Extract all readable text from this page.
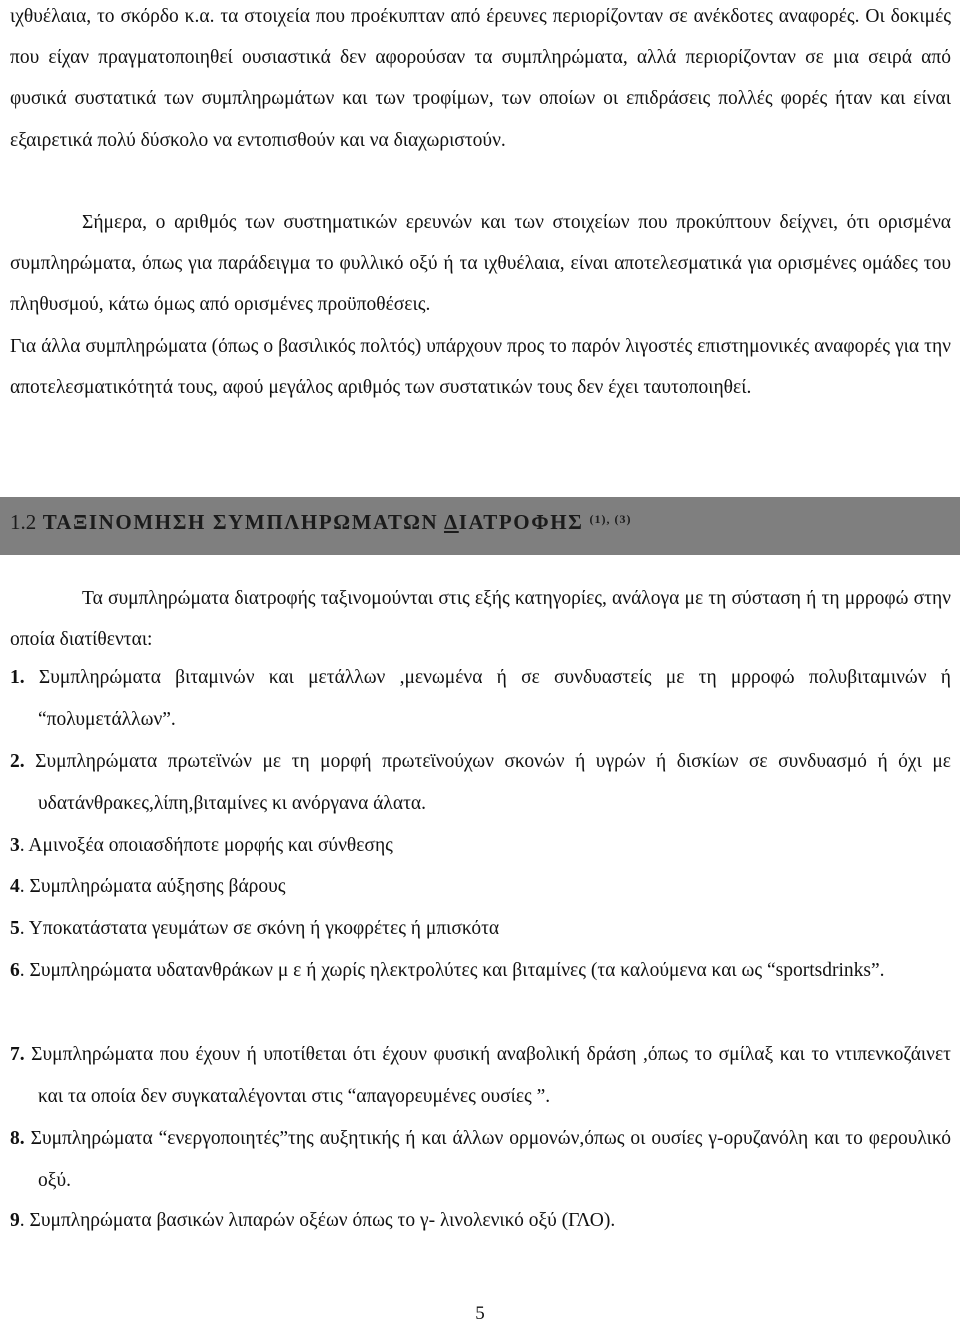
ιχθυέλαια, το σκόρδο κ.α. τα στοιχεία που προέκυπταν από έρευνες περιορίζονταν σε ανέκδοτες αναφορές. Οι δοκιμές που είχαν πραγματοποιηθεί ουσιαστικά δεν αφορούσαν τα συμπληρώματα, αλλά περιορίζονταν σε μια σειρά από φυσικά συστατικά των συμπληρωμάτων και των τροφίμων, των οποίων οι επιδράσεις πολλές φορές ήταν και είναι εξαιρετικά πολύ δύσκολο να εντοπισθούν και να διαχωριστούν.

Σήμερα, ο αριθμός των συστηματικών ερευνών και των στοιχείων που προκύπτουν δείχνει, ότι ορισμένα συμπληρώματα, όπως για παράδειγμα το φυλλικό οξύ ή τα ιχθυέλαια, είναι αποτελεσματικά για ορισμένες ομάδες του πληθυσμού, κάτω όμως από ορισμένες προϋποθέσεις.

Για άλλα συμπληρώματα (όπως ο βασιλικός πολτός) υπάρχουν προς το παρόν λιγοστές επιστημονικές αναφορές για την αποτελεσματικότητά τους, αφού μεγάλος αριθμός των συστατικών τους δεν έχει ταυτοποιηθεί.

1.2 ΤΑΞΙΝΟΜΗΣΗ ΣΥΜΠΛΗΡΩΜΑΤΩΝ ΔΙΑΤΡΟΦΗΣ $^{(1), (3)}$

Τα συμπληρώματα διατροφής ταξινομούνται στις εξής κατηγορίες, ανάλογα με τη σύσταση ή τη μρροφώ στην οποία διατίθενται:

1. Συμπληρώματα βιταμινών και μετάλλων ,μενωμένα ή σε συνδυαστείς με τη μρροφώ πολυβιταμινών ή “πολυμετάλλων”.

2. Συμπληρώματα πρωτεϊνών με τη μορφή πρωτεϊνούχων σκονών ή υγρών ή δισκίων σε συνδυασμό ή όχι με υδατάνθρακες,λίπη,βιταμίνες κι ανόργανα άλατα.

3. Αμινοξέα οποιασδήποτε μορφής και σύνθεσης

4. Συμπληρώματα αύξησης βάρους

5. Υποκατάστατα γευμάτων σε σκόνη ή γκοφρέτες ή μπισκότα

6. Συμπληρώματα υδατανθράκων μ ε ή χωρίς ηλεκτρολύτες και βιταμίνες (τα καλούμενα και ως “sportsdrinks”.

7. Συμπληρώματα που έχουν ή υποτίθεται ότι έχουν φυσική αναβολική δράση ,όπως το σμίλαξ και το ντιπενκοζάινετ και τα οποία δεν συγκαταλέγονται στις “απαγορευμένες ουσίες ”.

8. Συμπληρώματα “ενεργοποιητές”της αυξητικής ή και άλλων ορμονών,όπως οι ουσίες γ-ορυζανόλη και το φερουλικό οξύ.

9. Συμπληρώματα βασικών λιπαρών οξέων όπως το γ- λινολενικό οξύ (ΓΛΟ).

5
